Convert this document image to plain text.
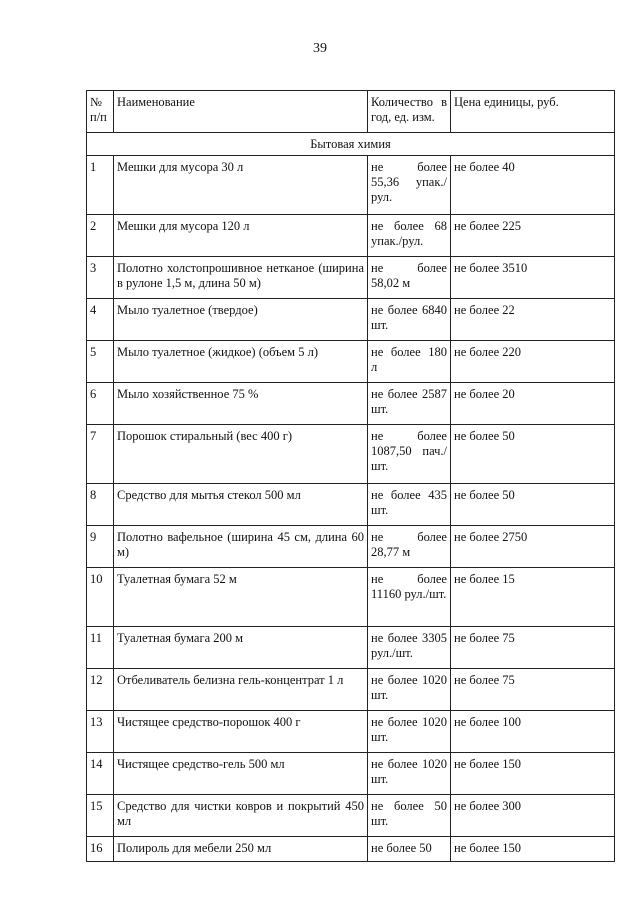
39
№ п/п	Наименование	Количество в год, ед. изм.	Цена единицы, руб.
Бытовая химия			
1	Мешки для мусора 30 л	не более 55,36 упак./рул.	не более 40
2	Мешки для мусора 120 л	не более 68 упак./рул.	не более 225
3	Полотно холстопрошивное нетканое (ширина в рулоне 1,5 м, длина 50 м)	не более 58,02 м	не более 3510
4	Мыло туалетное (твердое)	не более 6840 шт.	не более 22
5	Мыло туалетное (жидкое) (объем 5 л)	не более 180 л	не более 220
6	Мыло хозяйственное 75 %	не более 2587 шт.	не более 20
7	Порошок стиральный (вес 400 г)	не более 1087,50 пач./шт.	не более 50
8	Средство для мытья стекол 500 мл	не более 435 шт.	не более 50
9	Полотно вафельное (ширина 45 см, длина 60 м)	не более 28,77 м	не более 2750
10	Туалетная бумага 52 м	не более 11160 рул./шт.	не более 15
11	Туалетная бумага 200 м	не более 3305 рул./шт.	не более 75
12	Отбеливатель белизна гель-концентрат 1 л	не более 1020 шт.	не более 75
13	Чистящее средство-порошок 400 г	не более 1020 шт.	не более 100
14	Чистящее средство-гель 500 мл	не более 1020 шт.	не более 150
15	Средство для чистки ковров и покрытий 450 мл	не более 50 шт.	не более 300
16	Полироль для мебели 250 мл	не более 50	не более 150
